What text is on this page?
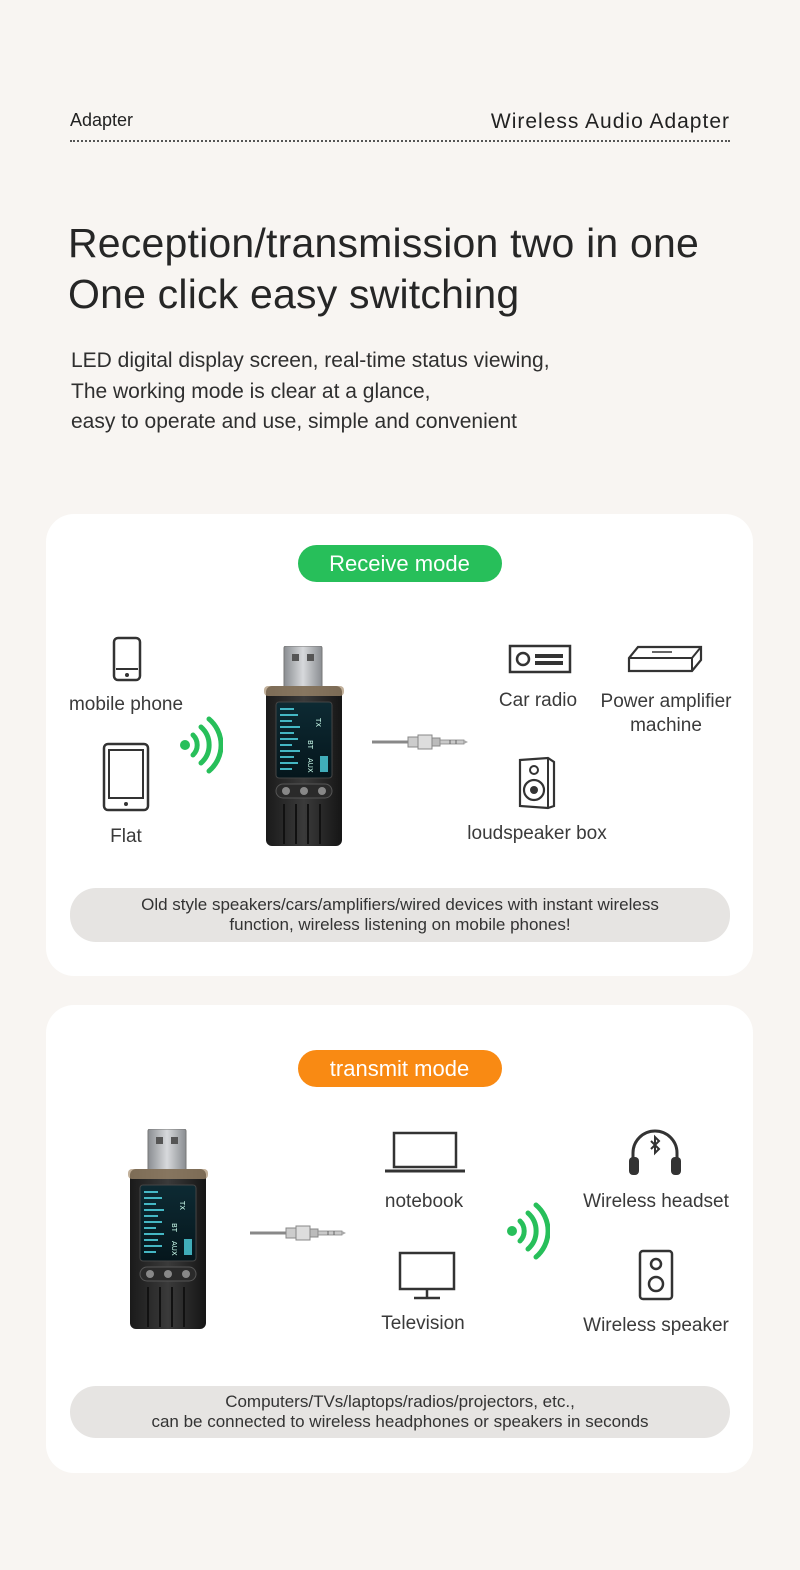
Adapter	Wireless Audio Adapter
Reception/transmission two in one
One click easy switching
LED digital display screen, real-time status viewing,
The working mode is clear at a glance,
easy to operate and use, simple and convenient
Receive mode
mobile phone
Flat
Car radio	Power amplifier
machine
loudspeaker box
Old style speakers/cars/amplifiers/wired devices with instant wireless
function, wireless listening on mobile phones!
transmit mode
notebook
Television
Wireless headset
Wireless speaker
Computers/TVs/laptops/radios/projectors, etc.,
can be connected to wireless headphones or speakers in seconds
